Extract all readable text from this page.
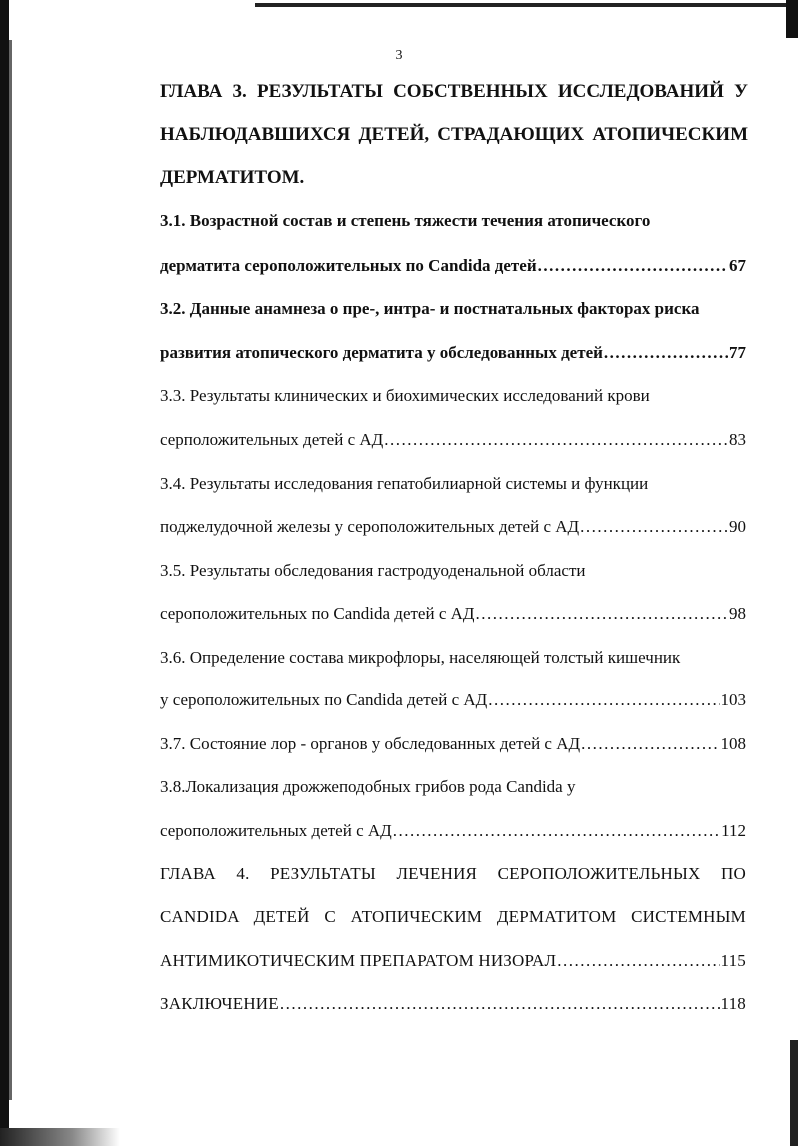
3
ГЛАВА 3. РЕЗУЛЬТАТЫ СОБСТВЕННЫХ ИССЛЕДОВАНИЙ У
НАБЛЮДАВШИХСЯ ДЕТЕЙ, СТРАДАЮЩИХ АТОПИЧЕСКИМ
ДЕРМАТИТОМ.
3.1. Возрастной состав и степень тяжести течения атопического
дерматита сероположительных по Candida детей .....	67
3.2. Данные анамнеза о пре-, интра- и постнатальных факторах риска
развития атопического дерматита у обследованных детей .....	77
3.3. Результаты клинических и биохимических исследований крови
серположительных детей с АД .....	83
3.4. Результаты исследования гепатобилиарной системы и функции
поджелудочной железы у сероположительных детей с АД .....	90
3.5. Результаты обследования гастродуоденальной области
сероположительных по Candida детей с АД .....	98
3.6. Определение состава микрофлоры, населяющей толстый кишечник
у сероположительных по Candida детей с АД .....	103
3.7. Состояние лор - органов у обследованных детей с АД .....	108
3.8.Локализация дрожжеподобных грибов рода Candida у
сероположительных детей с АД .....	112
ГЛАВА 4. РЕЗУЛЬТАТЫ ЛЕЧЕНИЯ СЕРОПОЛОЖИТЕЛЬНЫХ ПО
CANDIDA ДЕТЕЙ С АТОПИЧЕСКИМ ДЕРМАТИТОМ СИСТЕМНЫМ
АНТИМИКОТИЧЕСКИМ ПРЕПАРАТОМ НИЗОРАЛ .....	115
ЗАКЛЮЧЕНИЕ .....	118
